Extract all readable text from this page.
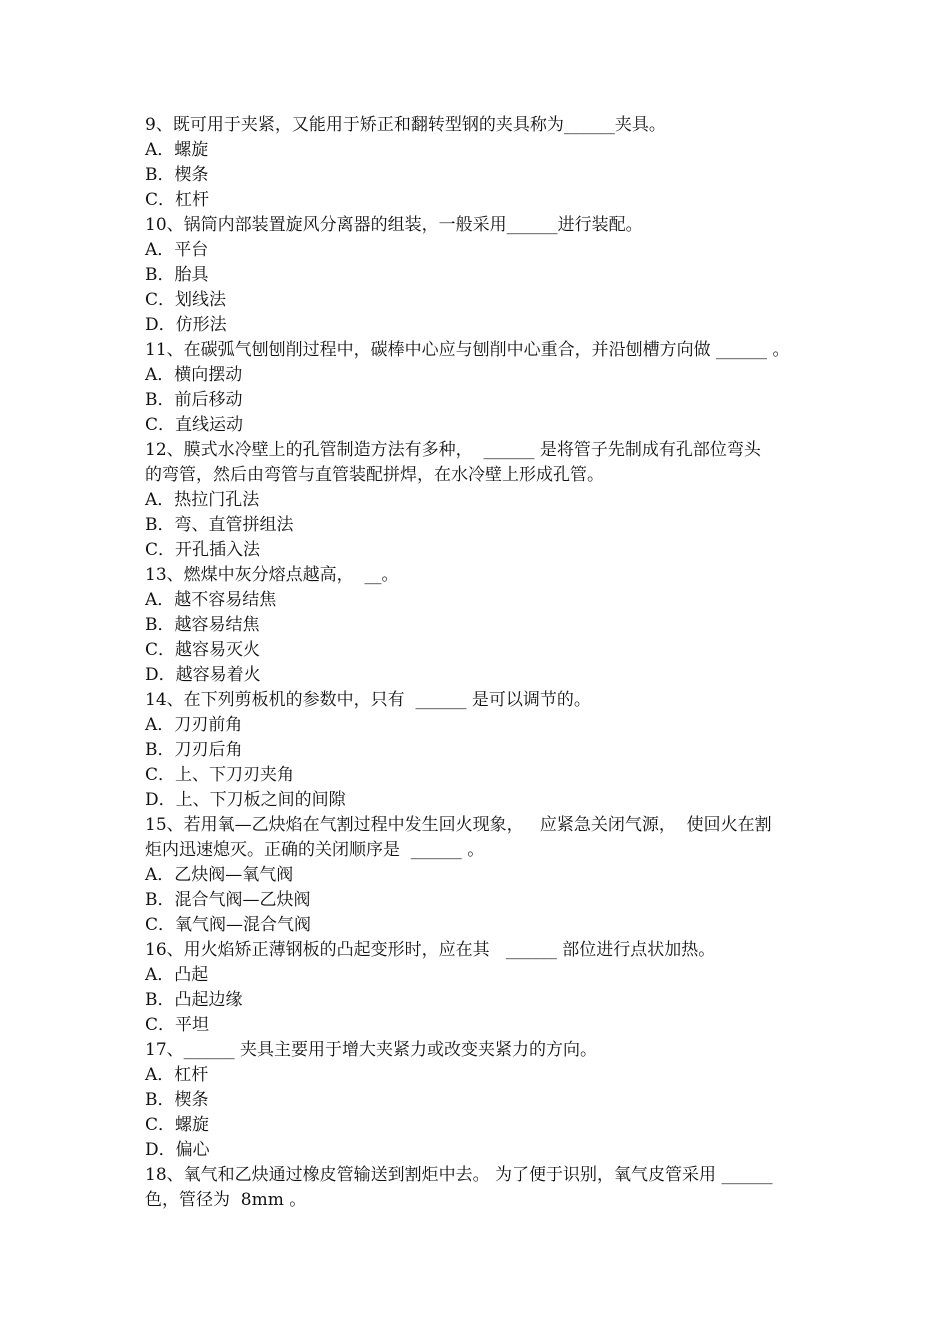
9、既可用于夹紧，又能用于矫正和翻转型钢的夹具称为______夹具。
A．螺旋
B．楔条
C．杠杆
10、锅筒内部装置旋风分离器的组装，一般采用______进行装配。
A．平台
B．胎具
C．划线法
D．仿形法
11、在碳弧气刨刨削过程中，碳棒中心应与刨削中心重合，并沿刨槽方向做 ______ 。
A．横向摆动
B．前后移动
C．直线运动
12、膜式水冷壁上的孔管制造方法有多种，  ______ 是将管子先制成有孔部位弯头
的弯管，然后由弯管与直管装配拼焊，在水冷壁上形成孔管。
A．热拉门孔法
B．弯、直管拼组法
C．开孔插入法
13、燃煤中灰分熔点越高，  __。
A．越不容易结焦
B．越容易结焦
C．越容易灭火
D．越容易着火
14、在下列剪板机的参数中，只有  ______ 是可以调节的。
A．刀刃前角
B．刀刃后角
C．上、下刀刃夹角
D．上、下刀板之间的间隙
15、若用氧—乙炔焰在气割过程中发生回火现象，   应紧急关闭气源，  使回火在割
炬内迅速熄灭。正确的关闭顺序是  ______ 。
A．乙炔阀—氧气阀
B．混合气阀—乙炔阀
C．氧气阀—混合气阀
16、用火焰矫正薄钢板的凸起变形时，应在其   ______ 部位进行点状加热。
A．凸起
B．凸起边缘
C．平坦
17、______ 夹具主要用于增大夹紧力或改变夹紧力的方向。
A．杠杆
B．楔条
C．螺旋
D．偏心
18、氧气和乙炔通过橡皮管输送到割炬中去。 为了便于识别，氧气皮管采用 ______
色，管径为  8mm 。
